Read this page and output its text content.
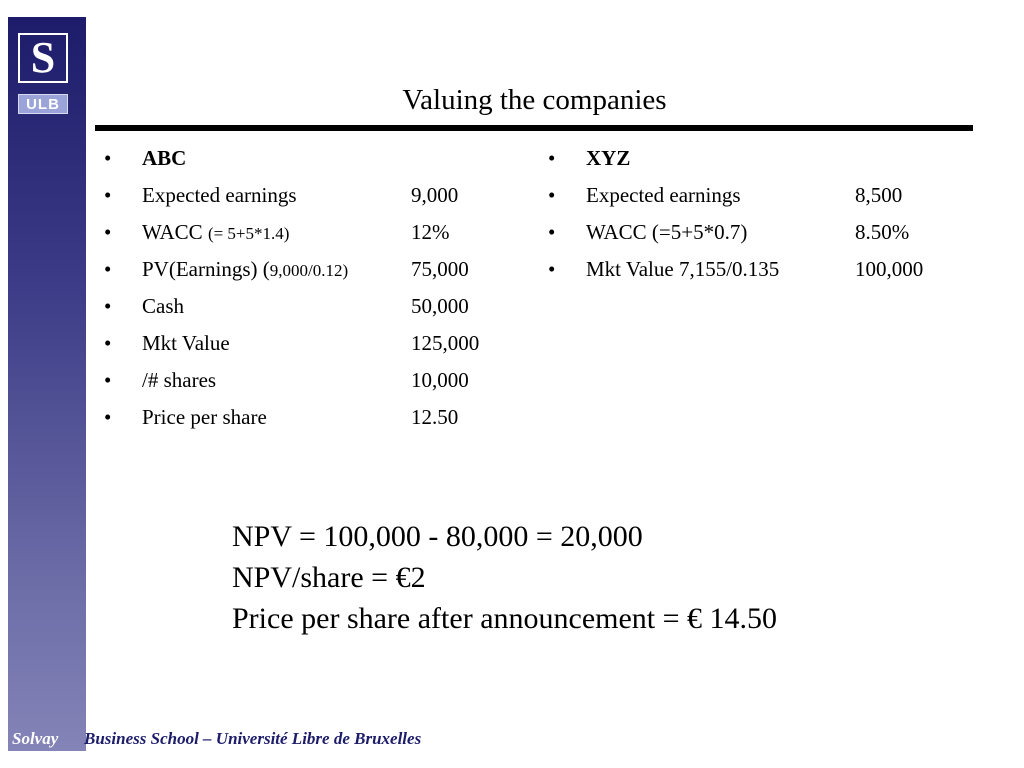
S
ULB	Valuing the companies
• ABC
• Expected earnings	9,000
• WACC (= 5+5*1.4)	12%
• PV(Earnings) (9,000/0.12)	75,000
• Cash	50,000
• Mkt Value	125,000
• /# shares	10,000
• Price per share	12.50
• XYZ
• Expected earnings	8,500
• WACC (=5+5*0.7)	8.50%
• Mkt Value 7,155/0.135	100,000
NPV = 100,000 - 80,000 = 20,000
NPV/share = €2
Price per share after announcement = € 14.50
Solvay Business School – Université Libre de Bruxelles
